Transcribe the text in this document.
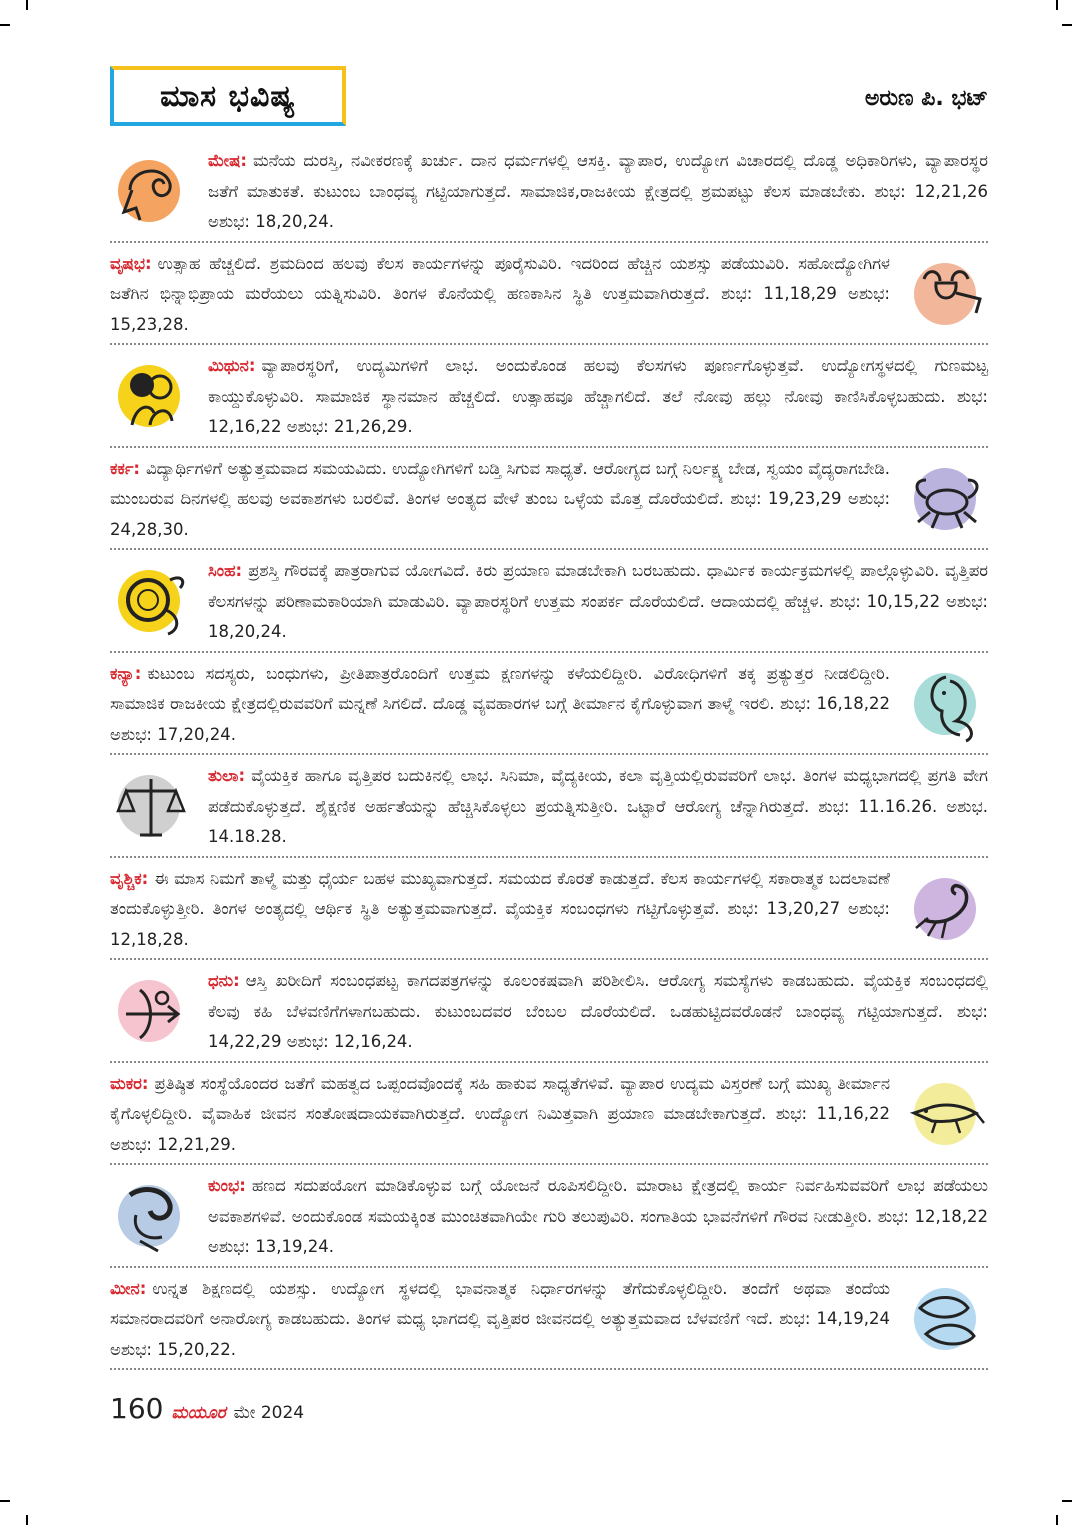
ಮಾಸ ಭವಿಷ್ಯ	ಅರುಣ ಪಿ. ಭಟ್
ಮೇಷ: ಮನೆಯ ದುರಸ್ತಿ, ನವೀಕರಣಕ್ಕೆ ಖರ್ಚು. ದಾನ ಧರ್ಮಗಳಲ್ಲಿ ಆಸಕ್ತಿ. ವ್ಯಾಪಾರ, ಉದ್ಯೋಗ ವಿಚಾರದಲ್ಲಿ ದೊಡ್ಡ ಅಧಿಕಾರಿಗಳು, ವ್ಯಾಪಾರಸ್ಥರ ಜತೆಗೆ ಮಾತುಕತೆ. ಕುಟುಂಬ ಬಾಂಧವ್ಯ ಗಟ್ಟಿಯಾಗುತ್ತದೆ. ಸಾಮಾಜಿಕ,ರಾಜಕೀಯ ಕ್ಷೇತ್ರದಲ್ಲಿ ಶ್ರಮಪಟ್ಟು ಕೆಲಸ ಮಾಡಬೇಕು. ಶುಭ: 12,21,26 ಅಶುಭ: 18,20,24.
ವೃಷಭ: ಉತ್ಸಾಹ ಹೆಚ್ಚಲಿದೆ. ಶ್ರಮದಿಂದ ಹಲವು ಕೆಲಸ ಕಾರ್ಯಗಳನ್ನು ಪೂರೈಸುವಿರಿ. ಇದರಿಂದ ಹೆಚ್ಚಿನ ಯಶಸ್ಸು ಪಡೆಯುವಿರಿ. ಸಹೋದ್ಯೋಗಿಗಳ ಜತೆಗಿನ ಭಿನ್ನಾಭಿಪ್ರಾಯ ಮರೆಯಲು ಯತ್ನಿಸುವಿರಿ. ತಿಂಗಳ ಕೊನೆಯಲ್ಲಿ ಹಣಕಾಸಿನ ಸ್ಥಿತಿ ಉತ್ತಮವಾಗಿರುತ್ತದೆ. ಶುಭ: 11,18,29 ಅಶುಭ: 15,23,28.
ಮಿಥುನ: ವ್ಯಾಪಾರಸ್ಥರಿಗೆ, ಉದ್ಯಮಿಗಳಿಗೆ ಲಾಭ. ಅಂದುಕೊಂಡ ಹಲವು ಕೆಲಸಗಳು ಪೂರ್ಣಗೊಳ್ಳುತ್ತವೆ. ಉದ್ಯೋಗಸ್ಥಳದಲ್ಲಿ ಗುಣಮಟ್ಟ ಕಾಯ್ದುಕೊಳ್ಳುವಿರಿ. ಸಾಮಾಜಿಕ ಸ್ಥಾನಮಾನ ಹೆಚ್ಚಲಿದೆ. ಉತ್ಸಾಹವೂ ಹೆಚ್ಚಾಗಲಿದೆ. ತಲೆ ನೋವು ಹಲ್ಲು ನೋವು ಕಾಣಿಸಿಕೊಳ್ಳಬಹುದು. ಶುಭ: 12,16,22 ಅಶುಭ: 21,26,29.
ಕರ್ಕ: ವಿದ್ಯಾರ್ಥಿಗಳಿಗೆ ಅತ್ಯುತ್ತಮವಾದ ಸಮಯವಿದು. ಉದ್ಯೋಗಿಗಳಿಗೆ ಬಡ್ತಿ ಸಿಗುವ ಸಾಧ್ಯತೆ. ಆರೋಗ್ಯದ ಬಗ್ಗೆ ನಿರ್ಲಕ್ಷ್ಯ ಬೇಡ, ಸ್ವಯಂ ವೈದ್ಯರಾಗಬೇಡಿ. ಮುಂಬರುವ ದಿನಗಳಲ್ಲಿ ಹಲವು ಅವಕಾಶಗಳು ಬರಲಿವೆ. ತಿಂಗಳ ಅಂತ್ಯದ ವೇಳೆ ತುಂಬ ಒಳ್ಳೆಯ ಮೊತ್ತ ದೊರೆಯಲಿದೆ. ಶುಭ: 19,23,29 ಅಶುಭ: 24,28,30.
ಸಿಂಹ: ಪ್ರಶಸ್ತಿ ಗೌರವಕ್ಕೆ ಪಾತ್ರರಾಗುವ ಯೋಗವಿದೆ. ಕಿರು ಪ್ರಯಾಣ ಮಾಡಬೇಕಾಗಿ ಬರಬಹುದು. ಧಾರ್ಮಿಕ ಕಾರ್ಯಕ್ರಮಗಳಲ್ಲಿ ಪಾಲ್ಗೊಳ್ಳುವಿರಿ. ವೃತ್ತಿಪರ ಕೆಲಸಗಳನ್ನು ಪರಿಣಾಮಕಾರಿಯಾಗಿ ಮಾಡುವಿರಿ. ವ್ಯಾಪಾರಸ್ಥರಿಗೆ ಉತ್ತಮ ಸಂಪರ್ಕ ದೊರೆಯಲಿದೆ. ಆದಾಯದಲ್ಲಿ ಹೆಚ್ಚಳ. ಶುಭ: 10,15,22 ಅಶುಭ: 18,20,24.
ಕನ್ಯಾ: ಕುಟುಂಬ ಸದಸ್ಯರು, ಬಂಧುಗಳು, ಪ್ರೀತಿಪಾತ್ರರೊಂದಿಗೆ ಉತ್ತಮ ಕ್ಷಣಗಳನ್ನು ಕಳೆಯಲಿದ್ದೀರಿ. ವಿರೋಧಿಗಳಿಗೆ ತಕ್ಕ ಪ್ರತ್ಯುತ್ತರ ನೀಡಲಿದ್ದೀರಿ. ಸಾಮಾಜಿಕ ರಾಜಕೀಯ ಕ್ಷೇತ್ರದಲ್ಲಿರುವವರಿಗೆ ಮನ್ನಣೆ ಸಿಗಲಿದೆ. ದೊಡ್ಡ ವ್ಯವಹಾರಗಳ ಬಗ್ಗೆ ತೀರ್ಮಾನ ಕೈಗೊಳ್ಳುವಾಗ ತಾಳ್ಮೆ ಇರಲಿ. ಶುಭ: 16,18,22 ಅಶುಭ: 17,20,24.
ತುಲಾ: ವೈಯಕ್ತಿಕ ಹಾಗೂ ವೃತ್ತಿಪರ ಬದುಕಿನಲ್ಲಿ ಲಾಭ. ಸಿನಿಮಾ, ವೈದ್ಯಕೀಯ, ಕಲಾ ವೃತ್ತಿಯಲ್ಲಿರುವವರಿಗೆ ಲಾಭ. ತಿಂಗಳ ಮಧ್ಯಭಾಗದಲ್ಲಿ ಪ್ರಗತಿ ವೇಗ ಪಡೆದುಕೊಳ್ಳುತ್ತದೆ. ಶೈಕ್ಷಣಿಕ ಅರ್ಹತೆಯನ್ನು ಹೆಚ್ಚಿಸಿಕೊಳ್ಳಲು ಪ್ರಯತ್ನಿಸುತ್ತೀರಿ. ಒಟ್ಟಾರೆ ಆರೋಗ್ಯ ಚೆನ್ನಾಗಿರುತ್ತದೆ. ಶುಭ: 11.16.26. ಅಶುಭ. 14.18.28.
ವೃಶ್ಚಿಕ: ಈ ಮಾಸ ನಿಮಗೆ ತಾಳ್ಮೆ ಮತ್ತು ಧೈರ್ಯ ಬಹಳ ಮುಖ್ಯವಾಗುತ್ತದೆ. ಸಮಯದ ಕೊರತೆ ಕಾಡುತ್ತದೆ. ಕೆಲಸ ಕಾರ್ಯಗಳಲ್ಲಿ ಸಕಾರಾತ್ಮಕ ಬದಲಾವಣೆ ತಂದುಕೊಳ್ಳುತ್ತೀರಿ. ತಿಂಗಳ ಅಂತ್ಯದಲ್ಲಿ ಆರ್ಥಿಕ ಸ್ಥಿತಿ ಅತ್ಯುತ್ತಮವಾಗುತ್ತದೆ. ವೈಯಕ್ತಿಕ ಸಂಬಂಧಗಳು ಗಟ್ಟಿಗೊಳ್ಳುತ್ತವೆ. ಶುಭ: 13,20,27 ಅಶುಭ: 12,18,28.
ಧನು: ಆಸ್ತಿ ಖರೀದಿಗೆ ಸಂಬಂಧಪಟ್ಟ ಕಾಗದಪತ್ರಗಳನ್ನು ಕೂಲಂಕಷವಾಗಿ ಪರಿಶೀಲಿಸಿ. ಆರೋಗ್ಯ ಸಮಸ್ಯೆಗಳು ಕಾಡಬಹುದು. ವೈಯಕ್ತಿಕ ಸಂಬಂಧದಲ್ಲಿ ಕೆಲವು ಕಹಿ ಬೆಳವಣಿಗೆಗಳಾಗಬಹುದು. ಕುಟುಂಬದವರ ಬೆಂಬಲ ದೊರೆಯಲಿದೆ. ಒಡಹುಟ್ಟಿದವರೊಡನೆ ಬಾಂಧವ್ಯ ಗಟ್ಟಿಯಾಗುತ್ತದೆ. ಶುಭ: 14,22,29 ಅಶುಭ: 12,16,24.
ಮಕರ: ಪ್ರತಿಷ್ಠಿತ ಸಂಸ್ಥೆಯೊಂದರ ಜತೆಗೆ ಮಹತ್ವದ ಒಪ್ಪಂದವೊಂದಕ್ಕೆ ಸಹಿ ಹಾಕುವ ಸಾಧ್ಯತೆಗಳಿವೆ. ವ್ಯಾಪಾರ ಉದ್ಯಮ ವಿಸ್ತರಣೆ ಬಗ್ಗೆ ಮುಖ್ಯ ತೀರ್ಮಾನ ಕೈಗೊಳ್ಳಲಿದ್ದೀರಿ. ವೈವಾಹಿಕ ಜೀವನ ಸಂತೋಷದಾಯಕವಾಗಿರುತ್ತದೆ. ಉದ್ಯೋಗ ನಿಮಿತ್ತವಾಗಿ ಪ್ರಯಾಣ ಮಾಡಬೇಕಾಗುತ್ತದೆ. ಶುಭ: 11,16,22 ಅಶುಭ: 12,21,29.
ಕುಂಭ: ಹಣದ ಸದುಪಯೋಗ ಮಾಡಿಕೊಳ್ಳುವ ಬಗ್ಗೆ ಯೋಜನೆ ರೂಪಿಸಲಿದ್ದೀರಿ. ಮಾರಾಟ ಕ್ಷೇತ್ರದಲ್ಲಿ ಕಾರ್ಯ ನಿರ್ವಹಿಸುವವರಿಗೆ ಲಾಭ ಪಡೆಯಲು ಅವಕಾಶಗಳಿವೆ. ಅಂದುಕೊಂಡ ಸಮಯಕ್ಕಿಂತ ಮುಂಚಿತವಾಗಿಯೇ ಗುರಿ ತಲುಪುವಿರಿ. ಸಂಗಾತಿಯ ಭಾವನೆಗಳಿಗೆ ಗೌರವ ನೀಡುತ್ತೀರಿ. ಶುಭ: 12,18,22 ಅಶುಭ: 13,19,24.
ಮೀನ: ಉನ್ನತ ಶಿಕ್ಷಣದಲ್ಲಿ ಯಶಸ್ಸು. ಉದ್ಯೋಗ ಸ್ಥಳದಲ್ಲಿ ಭಾವನಾತ್ಮಕ ನಿರ್ಧಾರಗಳನ್ನು ತೆಗೆದುಕೊಳ್ಳಲಿದ್ದೀರಿ. ತಂದೆಗೆ ಅಥವಾ ತಂದೆಯ ಸಮಾನರಾದವರಿಗೆ ಅನಾರೋಗ್ಯ ಕಾಡಬಹುದು. ತಿಂಗಳ ಮಧ್ಯ ಭಾಗದಲ್ಲಿ ವೃತ್ತಿಪರ ಜೀವನದಲ್ಲಿ ಅತ್ಯುತ್ತಮವಾದ ಬೆಳವಣಿಗೆ ಇದೆ. ಶುಭ: 14,19,24 ಅಶುಭ: 15,20,22.
160 ಮಯೂರ ಮೇ 2024
